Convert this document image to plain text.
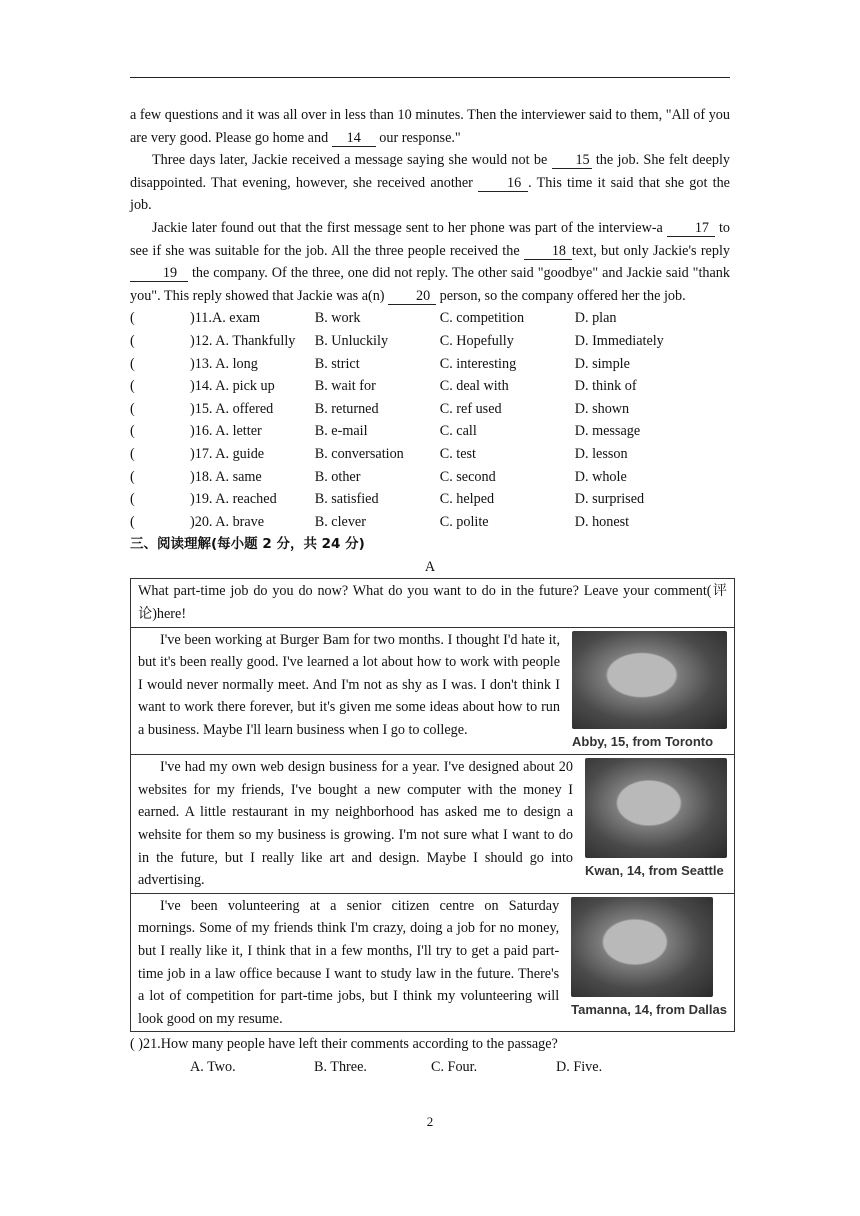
a few questions and it was all over in less than 10 minutes. Then the interviewer said to them, "All of you are very good. Please go home and 14 our response."

Three days later, Jackie received a message saying she would not be 15 the job. She felt deeply disappointed. That evening, however, she received another 16 . This time it said that she got the job.

Jackie later found out that the first message sent to her phone was part of the interview-a 17 to see if she was suitable for the job. All the three people received the 18 text, but only Jackie's reply 19 the company. Of the three, one did not reply. The other said "goodbye" and Jackie said "thank you". This reply showed that Jackie was a(n) 20 person, so the company offered her the job.

(	) 11.A. exam	B. work	C. competition	D. plan
(	) 12. A. Thankfully	B. Unluckily	C. Hopefully	D. Immediately
(	) 13. A. long	B. strict	C. interesting	D. simple
(	) 14. A. pick up	B. wait for	C. deal with	D. think of
(	) 15. A. offered	B. returned	C. ref used	D. shown
(	) 16. A. letter	B. e-mail	C. call	D. message
(	) 17. A. guide	B. conversation	C. test	D. lesson
(	) 18. A. same	B. other	C. second	D. whole
(	) 19. A. reached	B. satisfied	C. helped	D. surprised
(	) 20. A. brave	B. clever	C. polite	D. honest
三、阅读理解(每小题 2 分，共 24 分)
A

What part-time job do you do now? What do you want to do in the future? Leave your comment(评论)here!

I've been working at Burger Bam for two months. I thought I'd hate it, but it's been really good. I've learned a lot about how to work with people I would never normally meet. And I'm not as shy as I was. I don't think I want to work there forever, but it's given me some ideas about how to run a business. Maybe I'll learn business when I go to college.

Abby, 15, from Toronto

I've had my own web design business for a year. I've designed about 20 websites for my friends, I've bought a new computer with the money I earned. A little restaurant in my neighborhood has asked me to design a wehsite for them so my business is growing. I'm not sure what I want to do in the future, but I really like art and design. Maybe I should go into advertising.

Kwan, 14, from Seattle

I've been volunteering at a senior citizen centre on Saturday mornings. Some of my friends think I'm crazy, doing a job for no money, but I really like it, I think that in a few months, I'll try to get a paid part-time job in a law office because I want to study law in the future. There's a lot of competition for part-time jobs, but I think my volunteering will look good on my resume.

Tamanna, 14, from Dallas
( )21.How many people have left their comments according to the passage?
A. Two.	B. Three.	C. Four.	D. Five.
2
